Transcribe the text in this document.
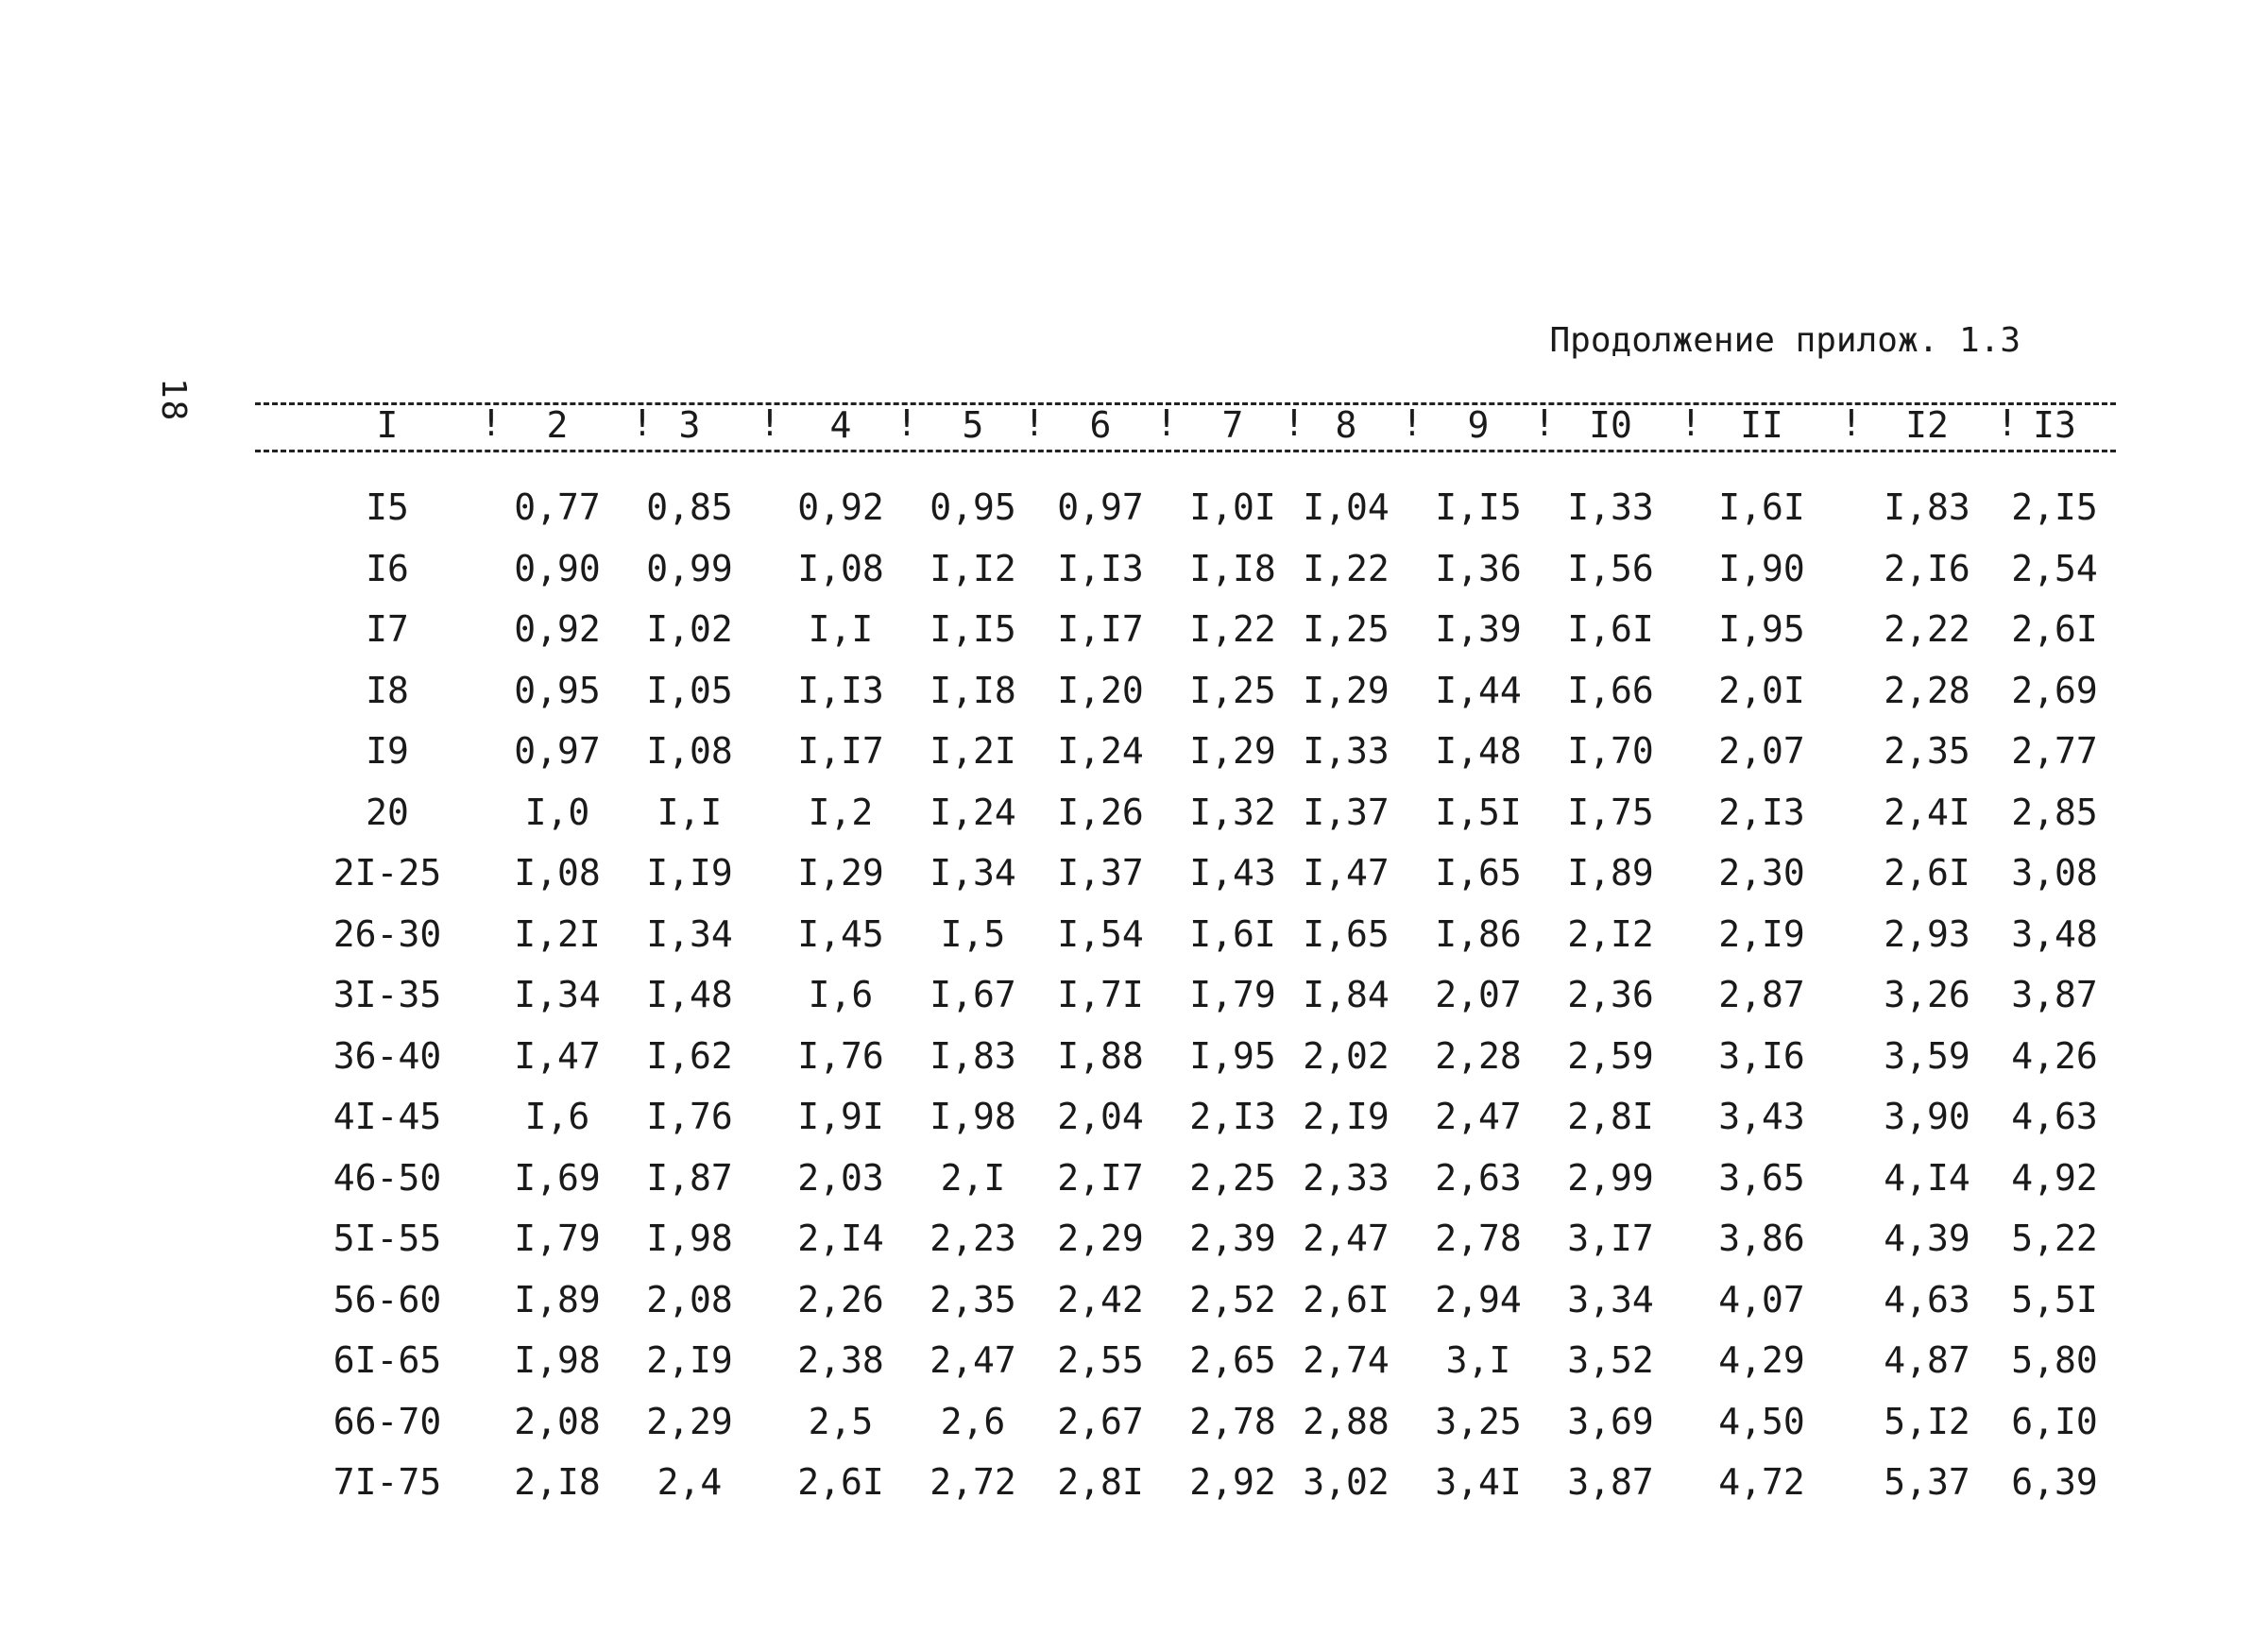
18
Продолжение прилож. 1.3
I	2	3	4	5	6	7	8	9	I0	II	I2 I3
!	!	!	!	!	!	!	!	!	!	!	!
I5	0,77 0,85 0,92 0,95 0,97 I,0I I,04 I,I5 I,33 I,6I I,83 2,I5
I6	0,90 0,99 I,08 I,I2 I,I3 I,I8 I,22 I,36 I,56 I,90 2,I6 2,54
I7	0,92 I,02 I,I I,I5 I,I7 I,22 I,25 I,39 I,6I I,95 2,22 2,6I
I8	0,95 I,05 I,I3 I,I8 I,20 I,25 I,29 I,44 I,66 2,0I 2,28 2,69
I9	0,97 I,08 I,I7 I,2I I,24 I,29 I,33 I,48 I,70 2,07 2,35 2,77
20	I,0 I,I I,2 I,24 I,26 I,32 I,37 I,5I I,75 2,I3 2,4I 2,85
2I-25 I,08 I,I9 I,29 I,34 I,37 I,43 I,47 I,65 I,89 2,30 2,6I 3,08
26-30 I,2I I,34 I,45 I,5 I,54 I,6I I,65 I,86 2,I2 2,I9 2,93 3,48
3I-35 I,34 I,48 I,6 I,67 I,7I I,79 I,84 2,07 2,36 2,87 3,26 3,87
36-40 I,47 I,62 I,76 I,83 I,88 I,95 2,02 2,28 2,59 3,I6 3,59 4,26
4I-45 I,6 I,76 I,9I I,98 2,04 2,I3 2,I9 2,47 2,8I 3,43 3,90 4,63
46-50 I,69 I,87 2,03 2,I 2,I7 2,25 2,33 2,63 2,99 3,65 4,I4 4,92
5I-55 I,79 I,98 2,I4 2,23 2,29 2,39 2,47 2,78 3,I7 3,86 4,39 5,22
56-60 I,89 2,08 2,26 2,35 2,42 2,52 2,6I 2,94 3,34 4,07 4,63 5,5I
6I-65 I,98 2,I9 2,38 2,47 2,55 2,65 2,74 3,I 3,52 4,29 4,87 5,80
66-70 2,08 2,29 2,5 2,6 2,67 2,78 2,88 3,25 3,69 4,50 5,I2 6,I0
7I-75 2,I8 2,4 2,6I 2,72 2,8I 2,92 3,02 3,4I 3,87 4,72 5,37 6,39
